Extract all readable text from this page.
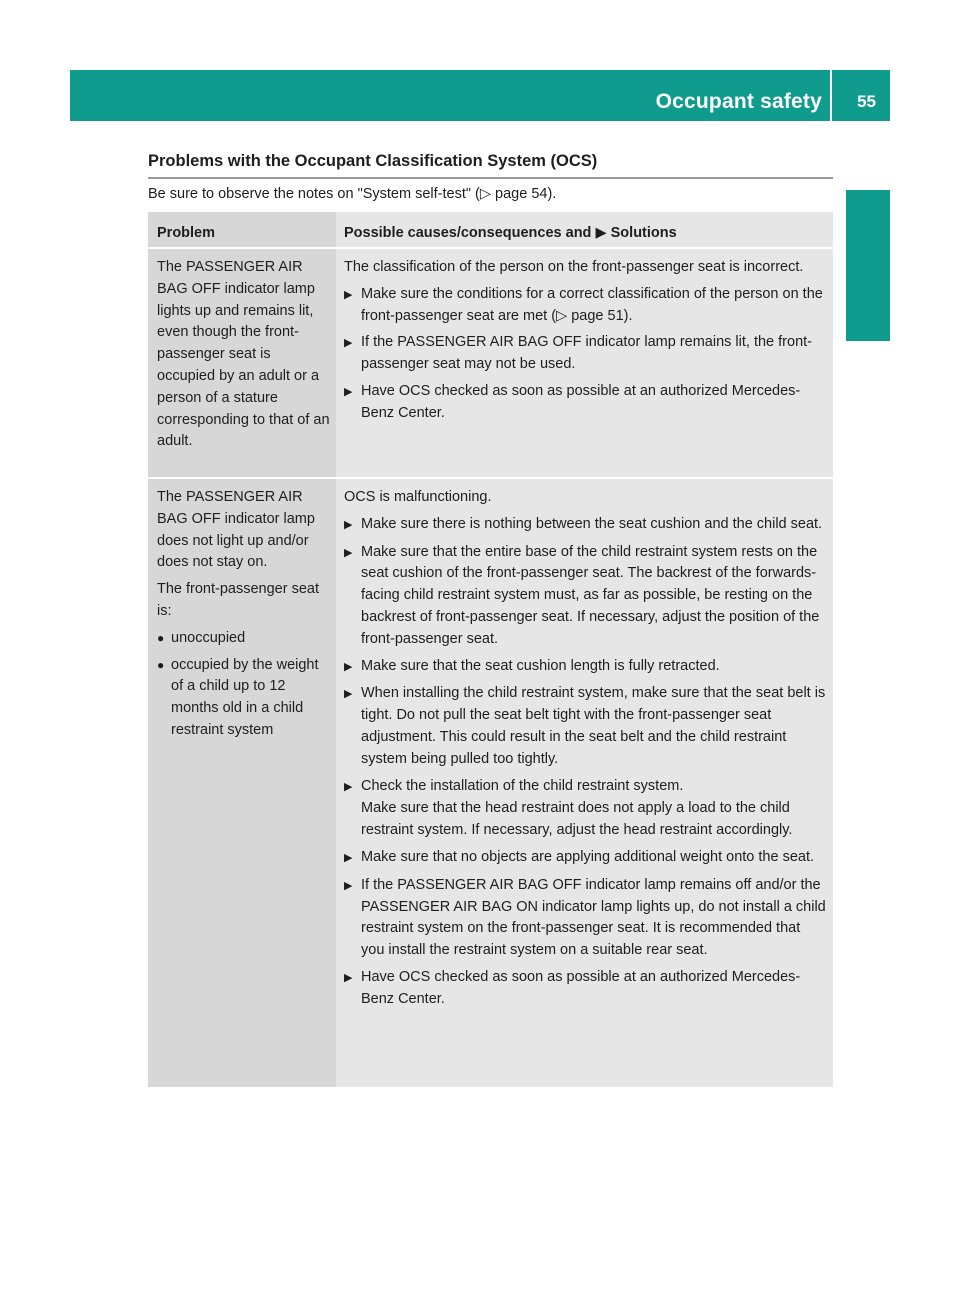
Occupant safety 55
Safety
Problems with the Occupant Classification System (OCS)
Be sure to observe the notes on "System self-test" (▷ page 54).
Problem	Possible causes/consequences and ▶ Solutions

The PASSENGER AIR BAG OFF indicator lamp lights up and remains lit, even though the front-passenger seat is occupied by an adult or a person of a stature corresponding to that of an adult.

The classification of the person on the front-passenger seat is incorrect.

▶ Make sure the conditions for a correct classification of the person on the front-passenger seat are met (▷ page 51).
▶ If the PASSENGER AIR BAG OFF indicator lamp remains lit, the front-passenger seat may not be used.
▶ Have OCS checked as soon as possible at an authorized Mercedes-Benz Center.

The PASSENGER AIR BAG OFF indicator lamp does not light up and/or does not stay on.

The front-passenger seat is:

● unoccupied
● occupied by the weight of a child up to 12 months old in a child restraint system

OCS is malfunctioning.

▶ Make sure there is nothing between the seat cushion and the child seat.
▶ Make sure that the entire base of the child restraint system rests on the seat cushion of the front-passenger seat. The backrest of the forwards-facing child restraint system must, as far as possible, be resting on the backrest of front-passenger seat. If necessary, adjust the position of the front-passenger seat.
▶ Make sure that the seat cushion length is fully retracted.
▶ When installing the child restraint system, make sure that the seat belt is tight. Do not pull the seat belt tight with the front-passenger seat adjustment. This could result in the seat belt and the child restraint system being pulled too tightly.
▶ Check the installation of the child restraint system.

Make sure that the head restraint does not apply a load to the child restraint system. If necessary, adjust the head restraint accordingly.

▶ Make sure that no objects are applying additional weight onto the seat.
▶ If the PASSENGER AIR BAG OFF indicator lamp remains off and/or the PASSENGER AIR BAG ON indicator lamp lights up, do not install a child restraint system on the front-passenger seat. It is recommended that you install the restraint system on a suitable rear seat.
▶ Have OCS checked as soon as possible at an authorized Mercedes-Benz Center.
